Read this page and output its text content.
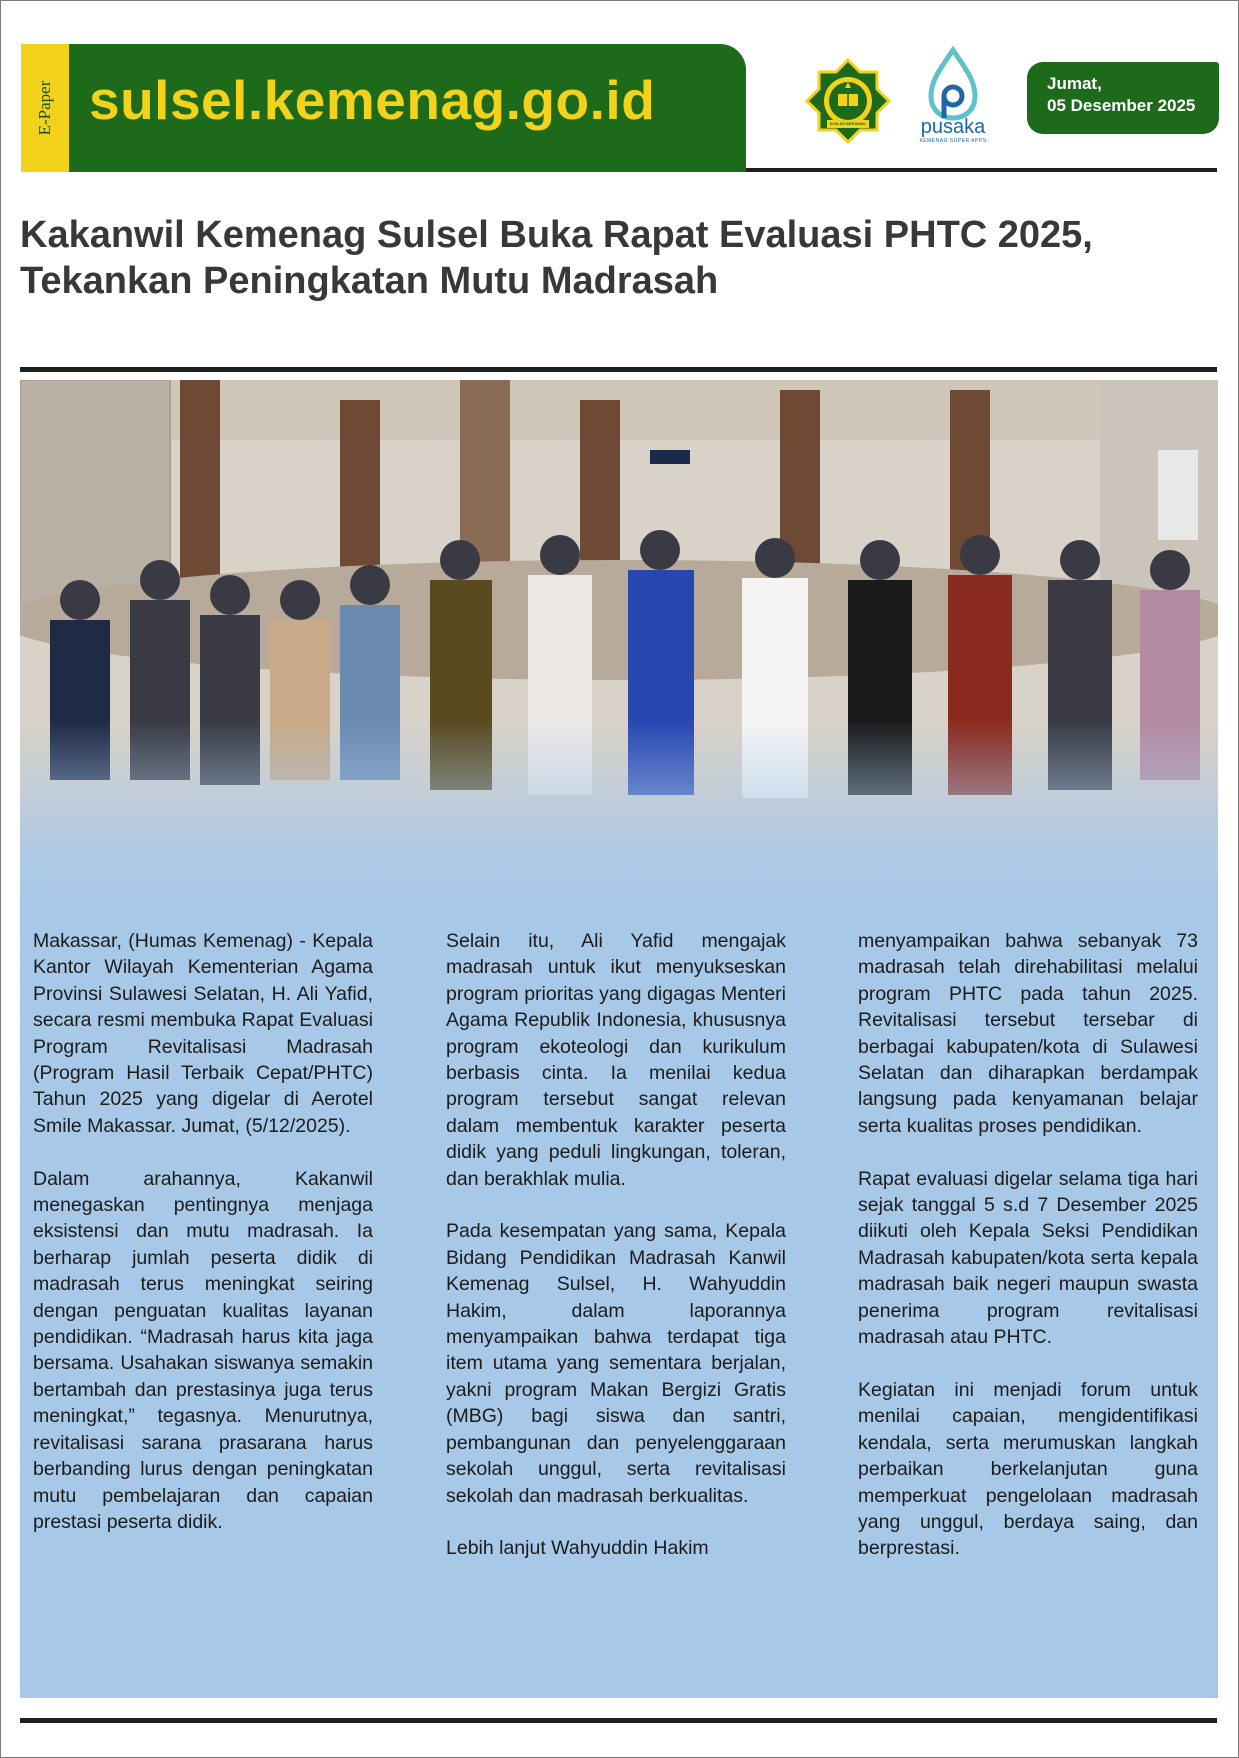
E-Paper sulsel.kemenag.go.id	IKHLAS BERAMAL	pusaka
KEMENAG SUPER APPS
Jumat,
05 Desember 2025
Kakanwil Kemenag Sulsel Buka Rapat Evaluasi PHTC 2025, Tekankan Peningkatan Mutu Madrasah

Makassar, (Humas Kemenag) - Kepala Kantor Wilayah Kementerian Agama Provinsi Sulawesi Selatan, H. Ali Yafid, secara resmi membuka Rapat Evaluasi Program Revitalisasi Madrasah (Program Hasil Terbaik Cepat/PHTC) Tahun 2025 yang digelar di Aerotel Smile Makassar. Jumat, (5/12/2025).

Dalam arahannya, Kakanwil menegaskan pentingnya menjaga eksistensi dan mutu madrasah. Ia berharap jumlah peserta didik di madrasah terus meningkat seiring dengan penguatan kualitas layanan pendidikan. “Madrasah harus kita jaga bersama. Usahakan siswanya semakin bertambah dan prestasinya juga terus meningkat,” tegasnya. Menurutnya, revitalisasi sarana prasarana harus berbanding lurus dengan peningkatan mutu pembelajaran dan capaian prestasi peserta didik.

Selain itu, Ali Yafid mengajak madrasah untuk ikut menyukseskan program prioritas yang digagas Menteri Agama Republik Indonesia, khususnya program ekoteologi dan kurikulum berbasis cinta. Ia menilai kedua program tersebut sangat relevan dalam membentuk karakter peserta didik yang peduli lingkungan, toleran, dan berakhlak mulia.

Pada kesempatan yang sama, Kepala Bidang Pendidikan Madrasah Kanwil Kemenag Sulsel, H. Wahyuddin Hakim, dalam laporannya menyampaikan bahwa terdapat tiga item utama yang sementara berjalan, yakni program Makan Bergizi Gratis (MBG) bagi siswa dan santri, pembangunan dan penyelenggaraan sekolah unggul, serta revitalisasi sekolah dan madrasah berkualitas.

Lebih lanjut Wahyuddin Hakim

menyampaikan bahwa sebanyak 73 madrasah telah direhabilitasi melalui program PHTC pada tahun 2025. Revitalisasi tersebut tersebar di berbagai kabupaten/kota di Sulawesi Selatan dan diharapkan berdampak langsung pada kenyamanan belajar serta kualitas proses pendidikan.

Rapat evaluasi digelar selama tiga hari sejak tanggal 5 s.d 7 Desember 2025 diikuti oleh Kepala Seksi Pendidikan Madrasah kabupaten/kota serta kepala madrasah baik negeri maupun swasta penerima program revitalisasi madrasah atau PHTC.

Kegiatan ini menjadi forum untuk menilai capaian, mengidentifikasi kendala, serta merumuskan langkah perbaikan berkelanjutan guna memperkuat pengelolaan madrasah yang unggul, berdaya saing, dan berprestasi.
